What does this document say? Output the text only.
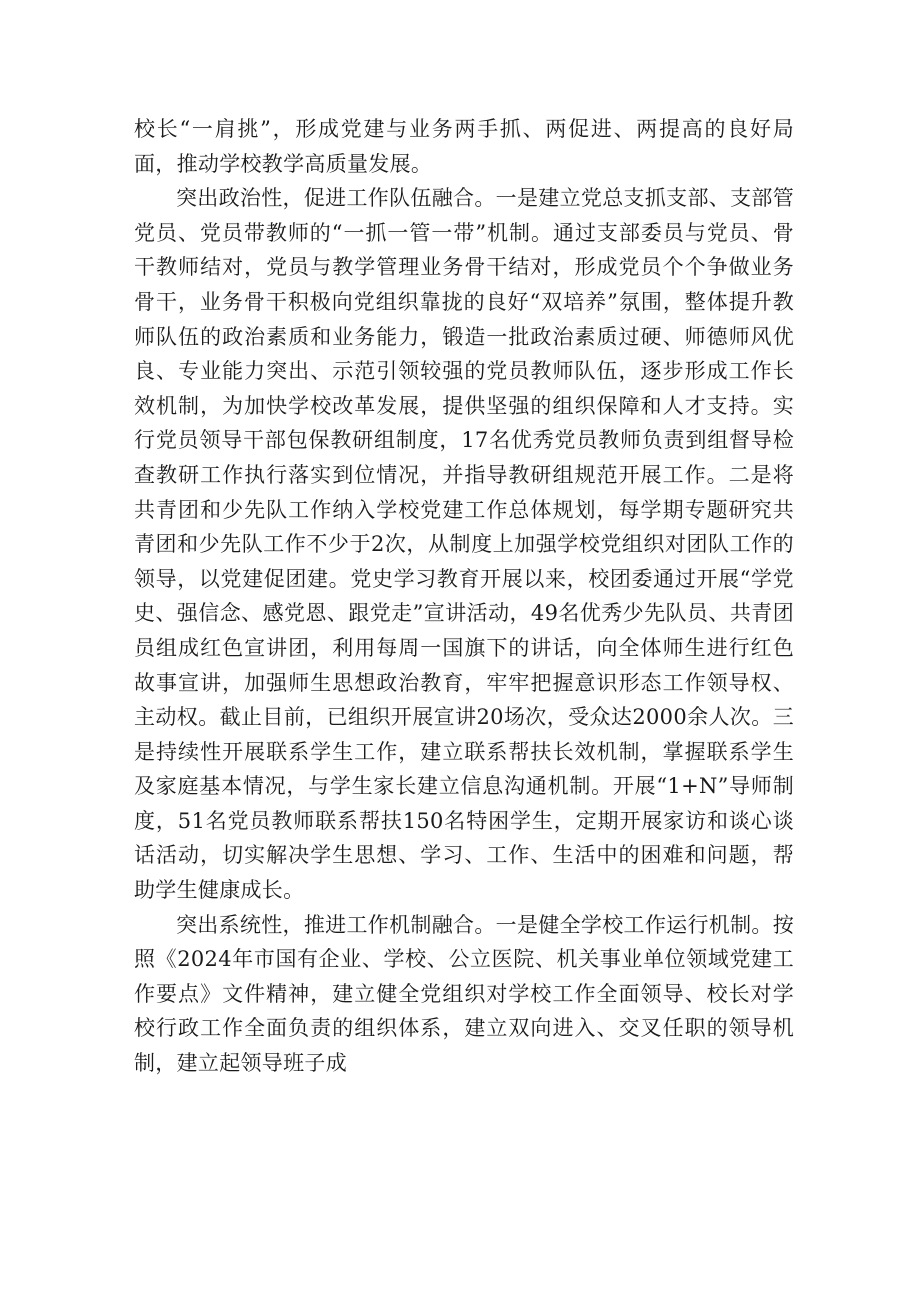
校长“一肩挑”，形成党建与业务两手抓、两促进、两提高的良好局面，推动学校教学高质量发展。

突出政治性，促进工作队伍融合。一是建立党总支抓支部、支部管党员、党员带教师的“一抓一管一带”机制。通过支部委员与党员、骨干教师结对，党员与教学管理业务骨干结对，形成党员个个争做业务骨干，业务骨干积极向党组织靠拢的良好“双培养”氛围，整体提升教师队伍的政治素质和业务能力，锻造一批政治素质过硬、师德师风优良、专业能力突出、示范引领较强的党员教师队伍，逐步形成工作长效机制，为加快学校改革发展，提供坚强的组织保障和人才支持。实行党员领导干部包保教研组制度，17名优秀党员教师负责到组督导检查教研工作执行落实到位情况，并指导教研组规范开展工作。二是将共青团和少先队工作纳入学校党建工作总体规划，每学期专题研究共青团和少先队工作不少于2次，从制度上加强学校党组织对团队工作的领导，以党建促团建。党史学习教育开展以来，校团委通过开展“学党史、强信念、感党恩、跟党走”宣讲活动，49名优秀少先队员、共青团员组成红色宣讲团，利用每周一国旗下的讲话，向全体师生进行红色故事宣讲，加强师生思想政治教育，牢牢把握意识形态工作领导权、主动权。截止目前，已组织开展宣讲20场次，受众达2000余人次。三是持续性开展联系学生工作，建立联系帮扶长效机制，掌握联系学生及家庭基本情况，与学生家长建立信息沟通机制。开展“1+N”导师制度，51名党员教师联系帮扶150名特困学生，定期开展家访和谈心谈话活动，切实解决学生思想、学习、工作、生活中的困难和问题，帮助学生健康成长。

突出系统性，推进工作机制融合。一是健全学校工作运行机制。按照《2024年市国有企业、学校、公立医院、机关事业单位领域党建工作要点》文件精神，建立健全党组织对学校工作全面领导、校长对学校行政工作全面负责的组织体系，建立双向进入、交叉任职的领导机制，建立起领导班子成
